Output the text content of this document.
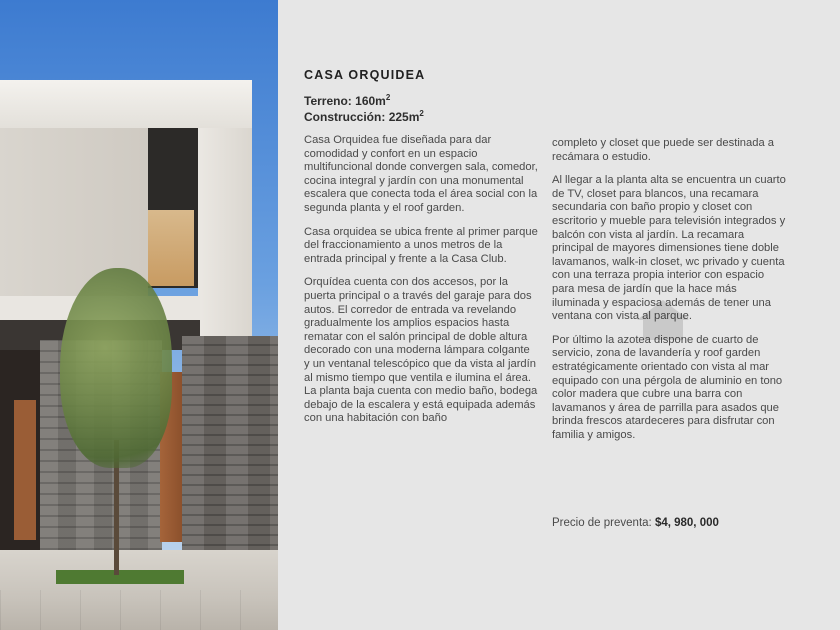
CASA ORQUIDEA
Terreno: $160m^2$
Construcción: $225m^2$

Casa Orquidea fue diseñada para dar comodidad y confort en un espacio multifuncional donde convergen sala, comedor, cocina integral y jardín con una monumental escalera que conecta toda el área social con la segunda planta y el roof garden.

Casa orquidea se ubica frente al primer parque del fraccionamiento a unos metros de la entrada principal y frente a la Casa Club.

Orquídea cuenta con dos accesos, por la puerta principal o a través del garaje para dos autos. El corredor de entrada va revelando gradualmente los amplios espacios hasta rematar con el salón principal de doble altura decorado con una moderna lámpara colgante y un ventanal telescópico que da vista al jardín al mismo tiempo que ventila e ilumina el área. La planta baja cuenta con medio baño, bodega debajo de la escalera y está equipada además con una habitación con baño

completo y closet que puede ser destinada a recámara o estudio.

Al llegar a la planta alta se encuentra un cuarto de TV, closet para blancos, una recamara secundaria con baño propio y closet con escritorio y mueble para televisión integrados y balcón con vista al jardín. La recamara principal de mayores dimensiones tiene doble lavamanos, walk-in closet, wc privado y cuenta con una terraza propia interior con espacio para mesa de jardín que la hace más iluminada y espaciosa además de tener una ventana con vista al parque.

Por último la azotea dispone de cuarto de servicio, zona de lavandería y roof garden estratégicamente orientado con vista al mar equipado con una pérgola de aluminio en tono color madera que cubre una barra con lavamanos y área de parrilla para asados que brinda frescos atardeceres para disfrutar con familia y amigos.

Precio de preventa: $4, 980, 000
